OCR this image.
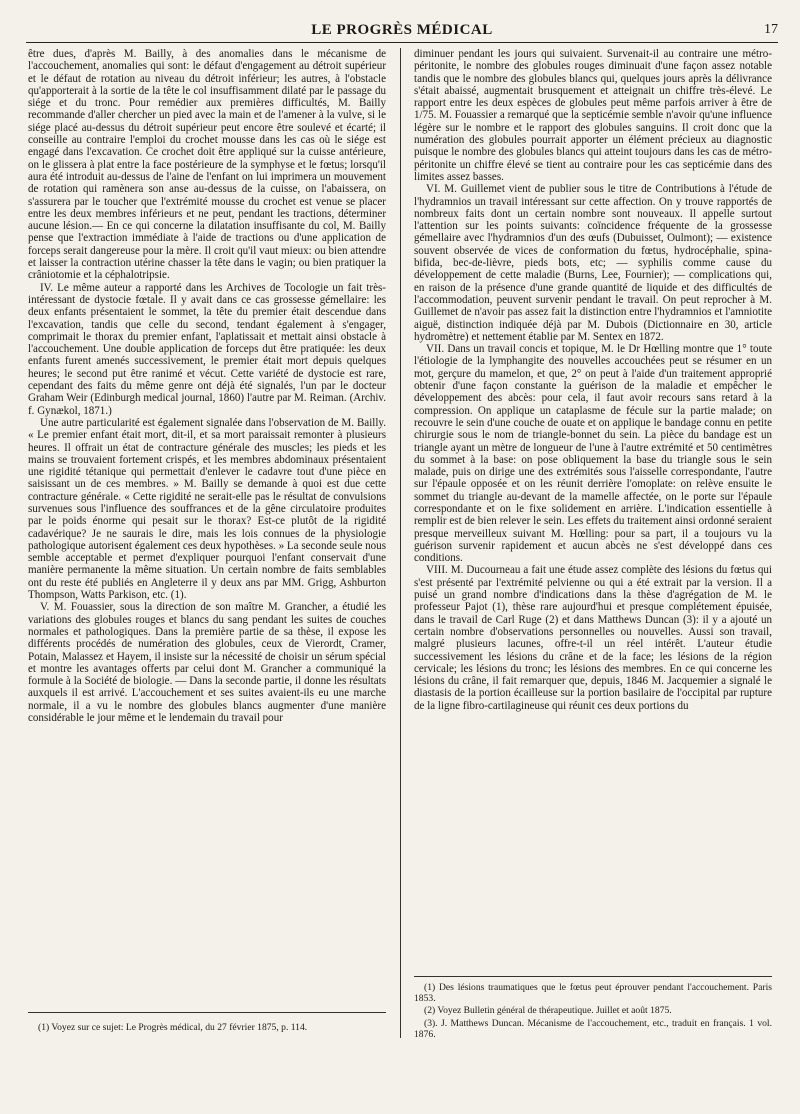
LE PROGRÈS MÉDICAL	17

être dues, d'après M. Bailly, à des anomalies dans le mécanisme de l'accouchement, anomalies qui sont: le défaut d'engagement au détroit supérieur et le défaut de rotation au niveau du détroit inférieur; les autres, à l'obstacle qu'apporterait à la sortie de la tête le col insuffisamment dilaté par le passage du siége et du tronc. Pour remédier aux premières difficultés, M. Bailly recommande d'aller chercher un pied avec la main et de l'amener à la vulve, si le siége placé au-dessus du détroit supérieur peut encore être soulevé et écarté; il conseille au contraire l'emploi du crochet mousse dans les cas où le siége est engagé dans l'excavation. Ce crochet doit être appliqué sur la cuisse antérieure, on le glissera à plat entre la face postérieure de la symphyse et le fœtus; lorsqu'il aura été introduit au-dessus de l'aine de l'enfant on lui imprimera un mouvement de rotation qui ramènera son anse au-dessus de la cuisse, on l'abaissera, on s'assurera par le toucher que l'extrémité mousse du crochet est venue se placer entre les deux membres inférieurs et ne peut, pendant les tractions, déterminer aucune lésion.— En ce qui concerne la dilatation insuffisante du col, M. Bailly pense que l'extraction immédiate à l'aide de tractions ou d'une application de forceps serait dangereuse pour la mère. Il croit qu'il vaut mieux: ou bien attendre et laisser la contraction utérine chasser la tête dans le vagin; ou bien pratiquer la crâniotomie et la céphalotripsie.

IV. Le même auteur a rapporté dans les Archives de Tocologie un fait très-intéressant de dystocie fœtale. Il y avait dans ce cas grossesse gémellaire: les deux enfants présentaient le sommet, la tête du premier était descendue dans l'excavation, tandis que celle du second, tendant également à s'engager, comprimait le thorax du premier enfant, l'aplatissait et mettait ainsi obstacle à l'accouchement. Une double application de forceps dut être pratiquée: les deux enfants furent amenés successivement, le premier était mort depuis quelques heures; le second put être ranimé et vécut. Cette variété de dystocie est rare, cependant des faits du même genre ont déjà été signalés, l'un par le docteur Graham Weir (Edinburgh medical journal, 1860) l'autre par M. Reiman. (Archiv. f. Gynækol, 1871.)

Une autre particularité est également signalée dans l'observation de M. Bailly. « Le premier enfant était mort, dit-il, et sa mort paraissait remonter à plusieurs heures. Il offrait un état de contracture générale des muscles; les pieds et les mains se trouvaient fortement crispés, et les membres abdominaux présentaient une rigidité tétanique qui permettait d'enlever le cadavre tout d'une pièce en saisissant un de ces membres. » M. Bailly se demande à quoi est due cette contracture générale. « Cette rigidité ne serait-elle pas le résultat de convulsions survenues sous l'influence des souffrances et de la gêne circulatoire produites par le poids énorme qui pesait sur le thorax? Est-ce plutôt de la rigidité cadavérique? Je ne saurais le dire, mais les lois connues de la physiologie pathologique autorisent également ces deux hypothèses. » La seconde seule nous semble acceptable et permet d'expliquer pourquoi l'enfant conservait d'une manière permanente la même situation. Un certain nombre de faits semblables ont du reste été publiés en Angleterre il y deux ans par MM. Grigg, Ashburton Thompson, Watts Parkison, etc. (1).

V. M. Fouassier, sous la direction de son maître M. Grancher, a étudié les variations des globules rouges et blancs du sang pendant les suites de couches normales et pathologiques. Dans la première partie de sa thèse, il expose les différents procédés de numération des globules, ceux de Vierordt, Cramer, Potain, Malassez et Hayem, il insiste sur la nécessité de choisir un sérum spécial et montre les avantages offerts par celui dont M. Grancher a communiqué la formule à la Société de biologie. — Dans la seconde partie, il donne les résultats auxquels il est arrivé. L'accouchement et ses suites avaient-ils eu une marche normale, il a vu le nombre des globules blancs augmenter d'une manière considérable le jour même et le lendemain du travail pour

diminuer pendant les jours qui suivaient. Survenait-il au contraire une métro-péritonite, le nombre des globules rouges diminuait d'une façon assez notable tandis que le nombre des globules blancs qui, quelques jours après la délivrance s'était abaissé, augmentait brusquement et atteignait un chiffre très-élevé. Le rapport entre les deux espèces de globules peut même parfois arriver à être de 1/75. M. Fouassier a remarqué que la septicémie semble n'avoir qu'une influence légère sur le nombre et le rapport des globules sanguins. Il croit donc que la numération des globules pourrait apporter un élément précieux au diagnostic puisque le nombre des globules blancs qui atteint toujours dans les cas de métro-péritonite un chiffre élevé se tient au contraire pour les cas septicémie dans des limites assez basses.

VI. M. Guillemet vient de publier sous le titre de Contributions à l'étude de l'hydramnios un travail intéressant sur cette affection. On y trouve rapportés de nombreux faits dont un certain nombre sont nouveaux. Il appelle surtout l'attention sur les points suivants: coïncidence fréquente de la grossesse gémellaire avec l'hydramnios d'un des œufs (Dubuisset, Oulmont); — existence souvent observée de vices de conformation du fœtus, hydrocéphalie, spina-bifida, bec-de-lièvre, pieds bots, etc; — syphilis comme cause du développement de cette maladie (Burns, Lee, Fournier); — complications qui, en raison de la présence d'une grande quantité de liquide et des difficultés de l'accommodation, peuvent survenir pendant le travail. On peut reprocher à M. Guillemet de n'avoir pas assez fait la distinction entre l'hydramnios et l'amniotite aiguë, distinction indiquée déjà par M. Dubois (Dictionnaire en 30, article hydromètre) et nettement établie par M. Sentex en 1872.

VII. Dans un travail concis et topique, M. le Dr Hœlling montre que 1° toute l'étiologie de la lymphangite des nouvelles accouchées peut se résumer en un mot, gerçure du mamelon, et que, 2° on peut à l'aide d'un traitement approprié obtenir d'une façon constante la guérison de la maladie et empêcher le développement des abcès: pour cela, il faut avoir recours sans retard à la compression. On applique un cataplasme de fécule sur la partie malade; on recouvre le sein d'une couche de ouate et on applique le bandage connu en petite chirurgie sous le nom de triangle-bonnet du sein. La pièce du bandage est un triangle ayant un mètre de longueur de l'une à l'autre extrémité et 50 centimètres du sommet à la base: on pose obliquement la base du triangle sous le sein malade, puis on dirige une des extrémités sous l'aisselle correspondante, l'autre sur l'épaule opposée et on les réunit derrière l'omoplate: on relève ensuite le sommet du triangle au-devant de la mamelle affectée, on le porte sur l'épaule correspondante et on le fixe solidement en arrière. L'indication essentielle à remplir est de bien relever le sein. Les effets du traitement ainsi ordonné seraient presque merveilleux suivant M. Hœlling: pour sa part, il a toujours vu la guérison survenir rapidement et aucun abcès ne s'est développé dans ces conditions.

VIII. M. Ducourneau a fait une étude assez complète des lésions du fœtus qui s'est présenté par l'extrémité pelvienne ou qui a été extrait par la version. Il a puisé un grand nombre d'indications dans la thèse d'agrégation de M. le professeur Pajot (1), thèse rare aujourd'hui et presque complétement épuisée, dans le travail de Carl Ruge (2) et dans Matthews Duncan (3): il y a ajouté un certain nombre d'observations personnelles ou nouvelles. Aussi son travail, malgré plusieurs lacunes, offre-t-il un réel intérêt. L'auteur étudie successivement les lésions du crâne et de la face; les lésions de la région cervicale; les lésions du tronc; les lésions des membres. En ce qui concerne les lésions du crâne, il fait remarquer que, depuis, 1846 M. Jacquemier a signalé le diastasis de la portion écailleuse sur la portion basilaire de l'occipital par rupture de la ligne fibro-cartilagineuse qui réunit ces deux portions du

(1) Voyez sur ce sujet: Le Progrès médical, du 27 février 1875, p. 114.

(1) Des lésions traumatiques que le fœtus peut éprouver pendant l'accouchement. Paris 1853.

(2) Voyez Bulletin général de thérapeutique. Juillet et août 1875.

(3). J. Matthews Duncan. Mécanisme de l'accouchement, etc., traduit en français. 1 vol. 1876.
